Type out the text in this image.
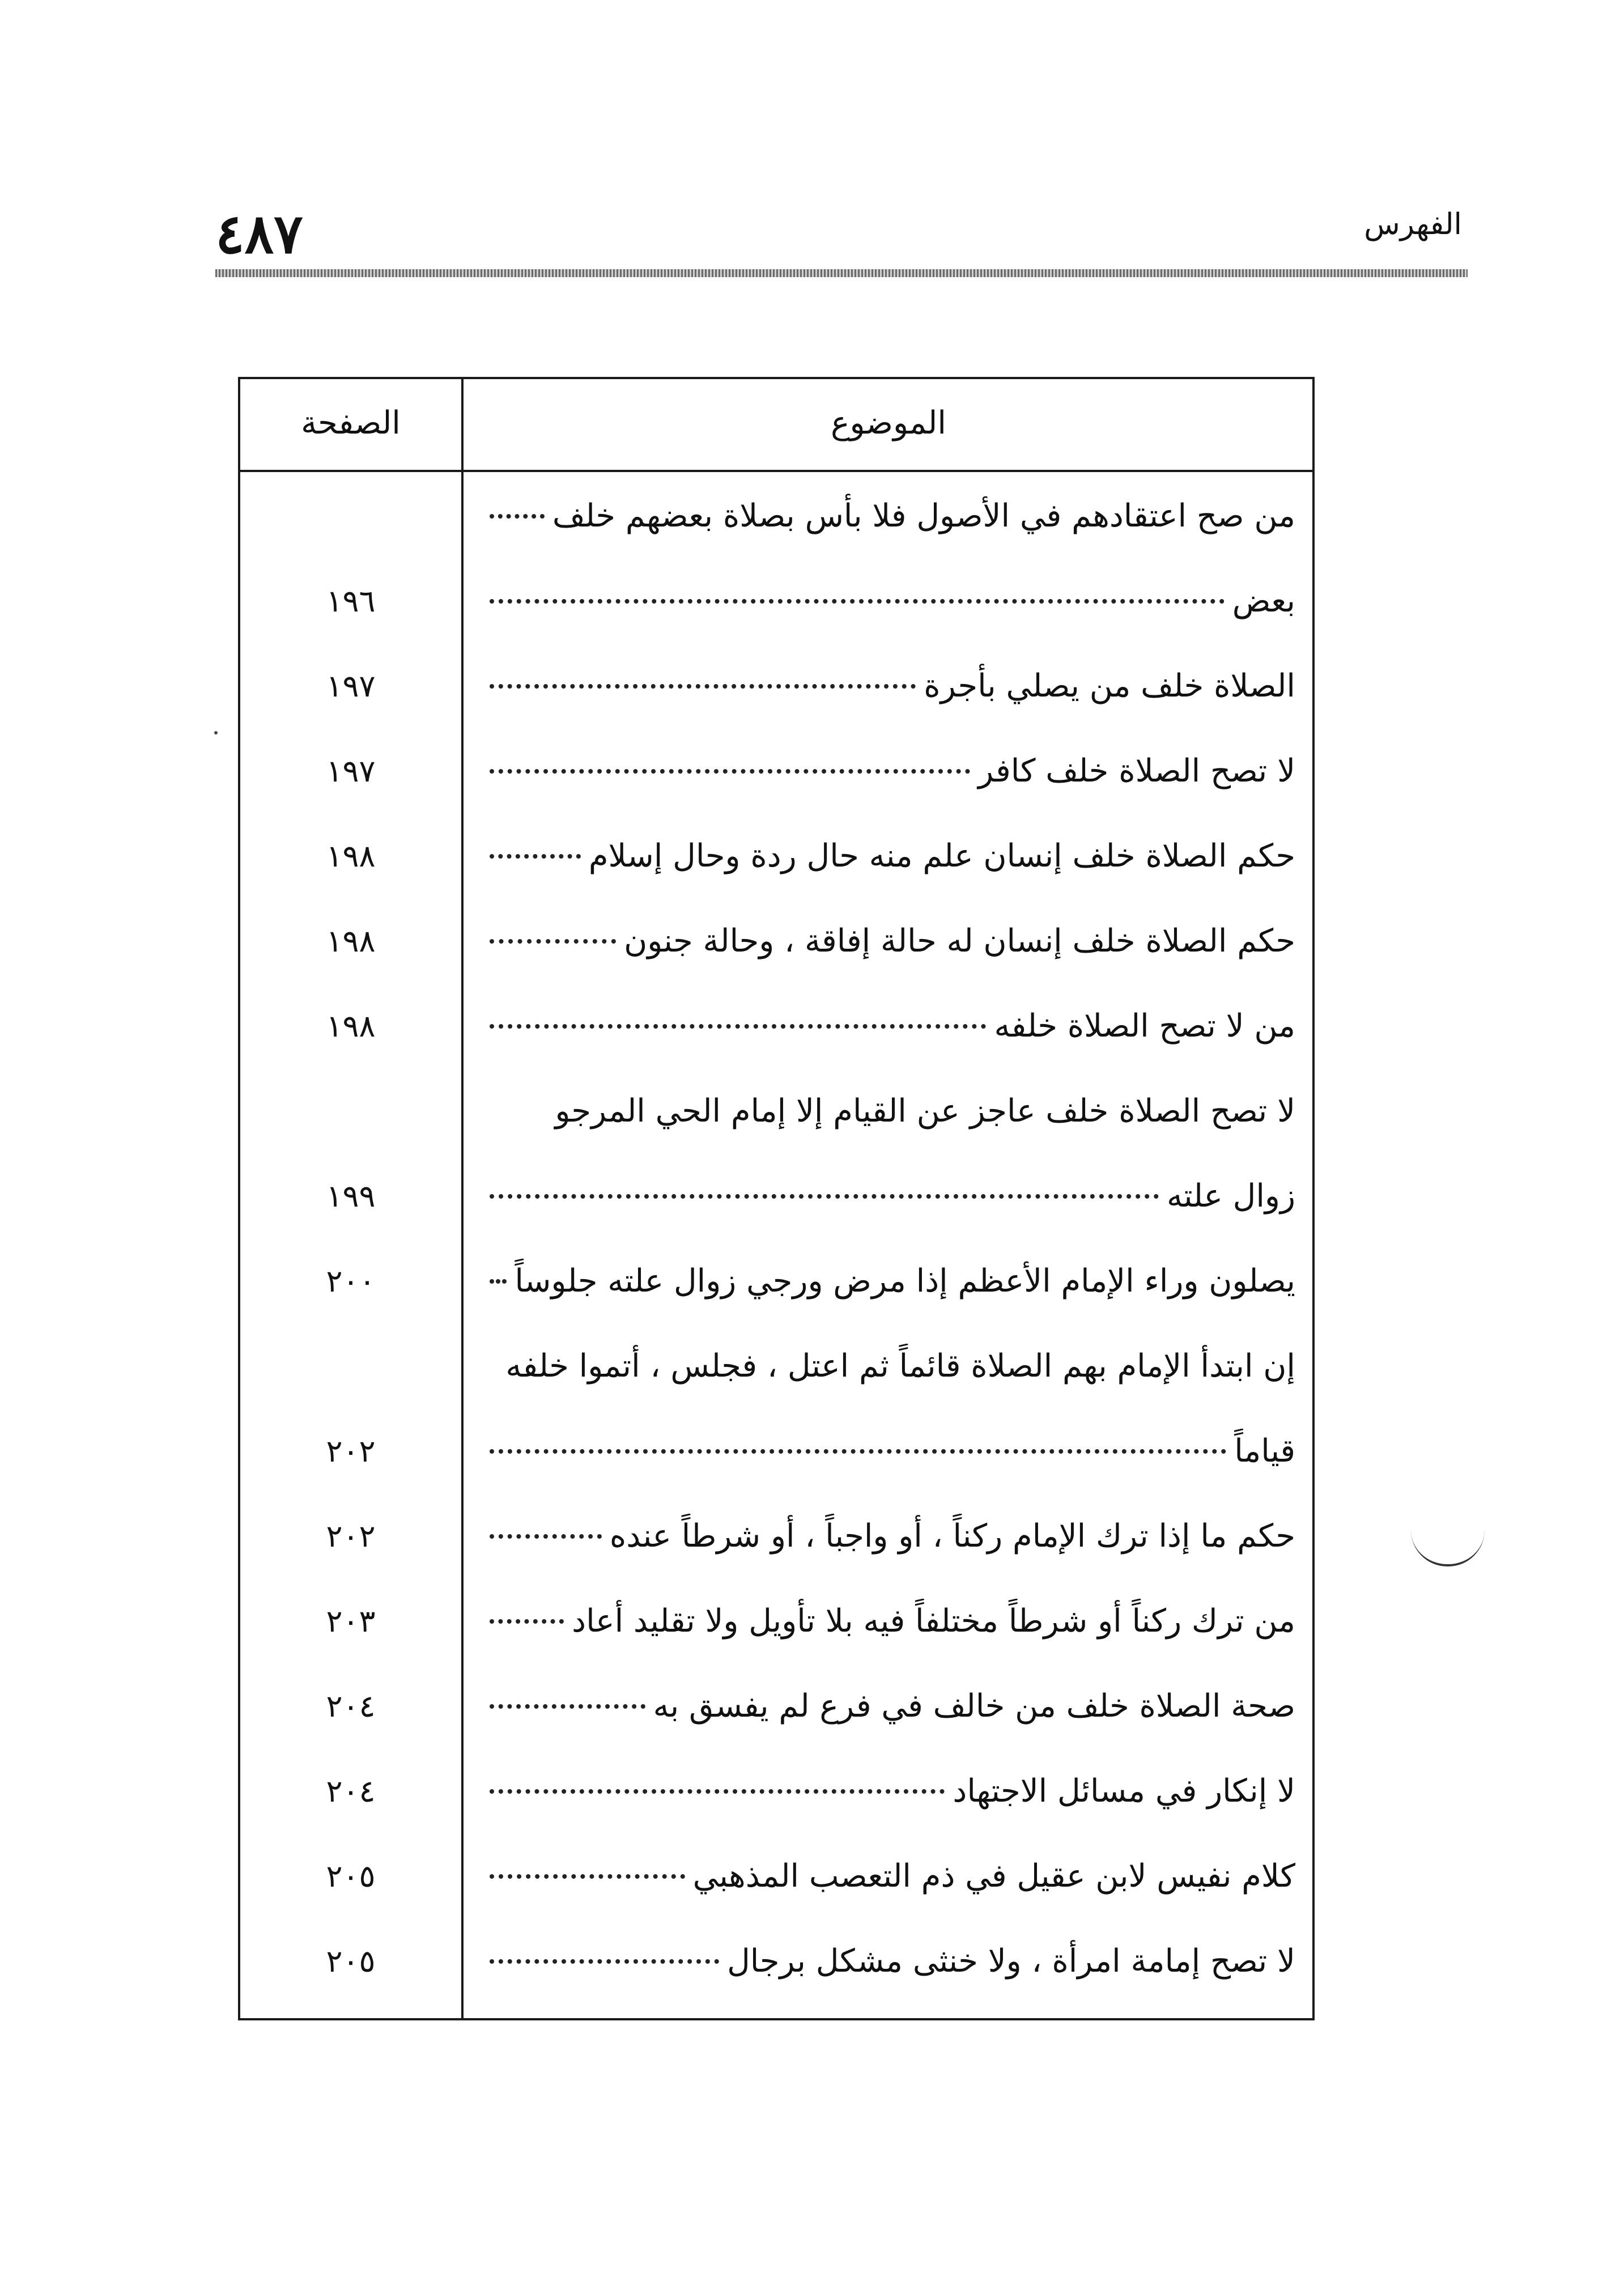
٤٨٧	الفهرس
الموضوع
الصفحة
من صح اعتقادهم في الأصول فلا بأس بصلاة بعضهم خلف
بعض
١٩٦
الصلاة خلف من يصلي بأجرة
١٩٧
لا تصح الصلاة خلف كافر
١٩٧
حكم الصلاة خلف إنسان علم منه حال ردة وحال إسلام
١٩٨
حكم الصلاة خلف إنسان له حالة إفاقة ، وحالة جنون
١٩٨
من لا تصح الصلاة خلفه
١٩٨
لا تصح الصلاة خلف عاجز عن القيام إلا إمام الحي المرجو
زوال علته
١٩٩
يصلون وراء الإمام الأعظم إذا مرض ورجي زوال علته جلوساً
٢٠٠
إن ابتدأ الإمام بهم الصلاة قائماً ثم اعتل ، فجلس ، أتموا خلفه
قياماً
٢٠٢
حكم ما إذا ترك الإمام ركناً ، أو واجباً ، أو شرطاً عنده
٢٠٢
من ترك ركناً أو شرطاً مختلفاً فيه بلا تأويل ولا تقليد أعاد
٢٠٣
صحة الصلاة خلف من خالف في فرع لم يفسق به
٢٠٤
لا إنكار في مسائل الاجتهاد
٢٠٤
كلام نفيس لابن عقيل في ذم التعصب المذهبي
٢٠٥
لا تصح إمامة امرأة ، ولا خنثى مشكل برجال
٢٠٥
